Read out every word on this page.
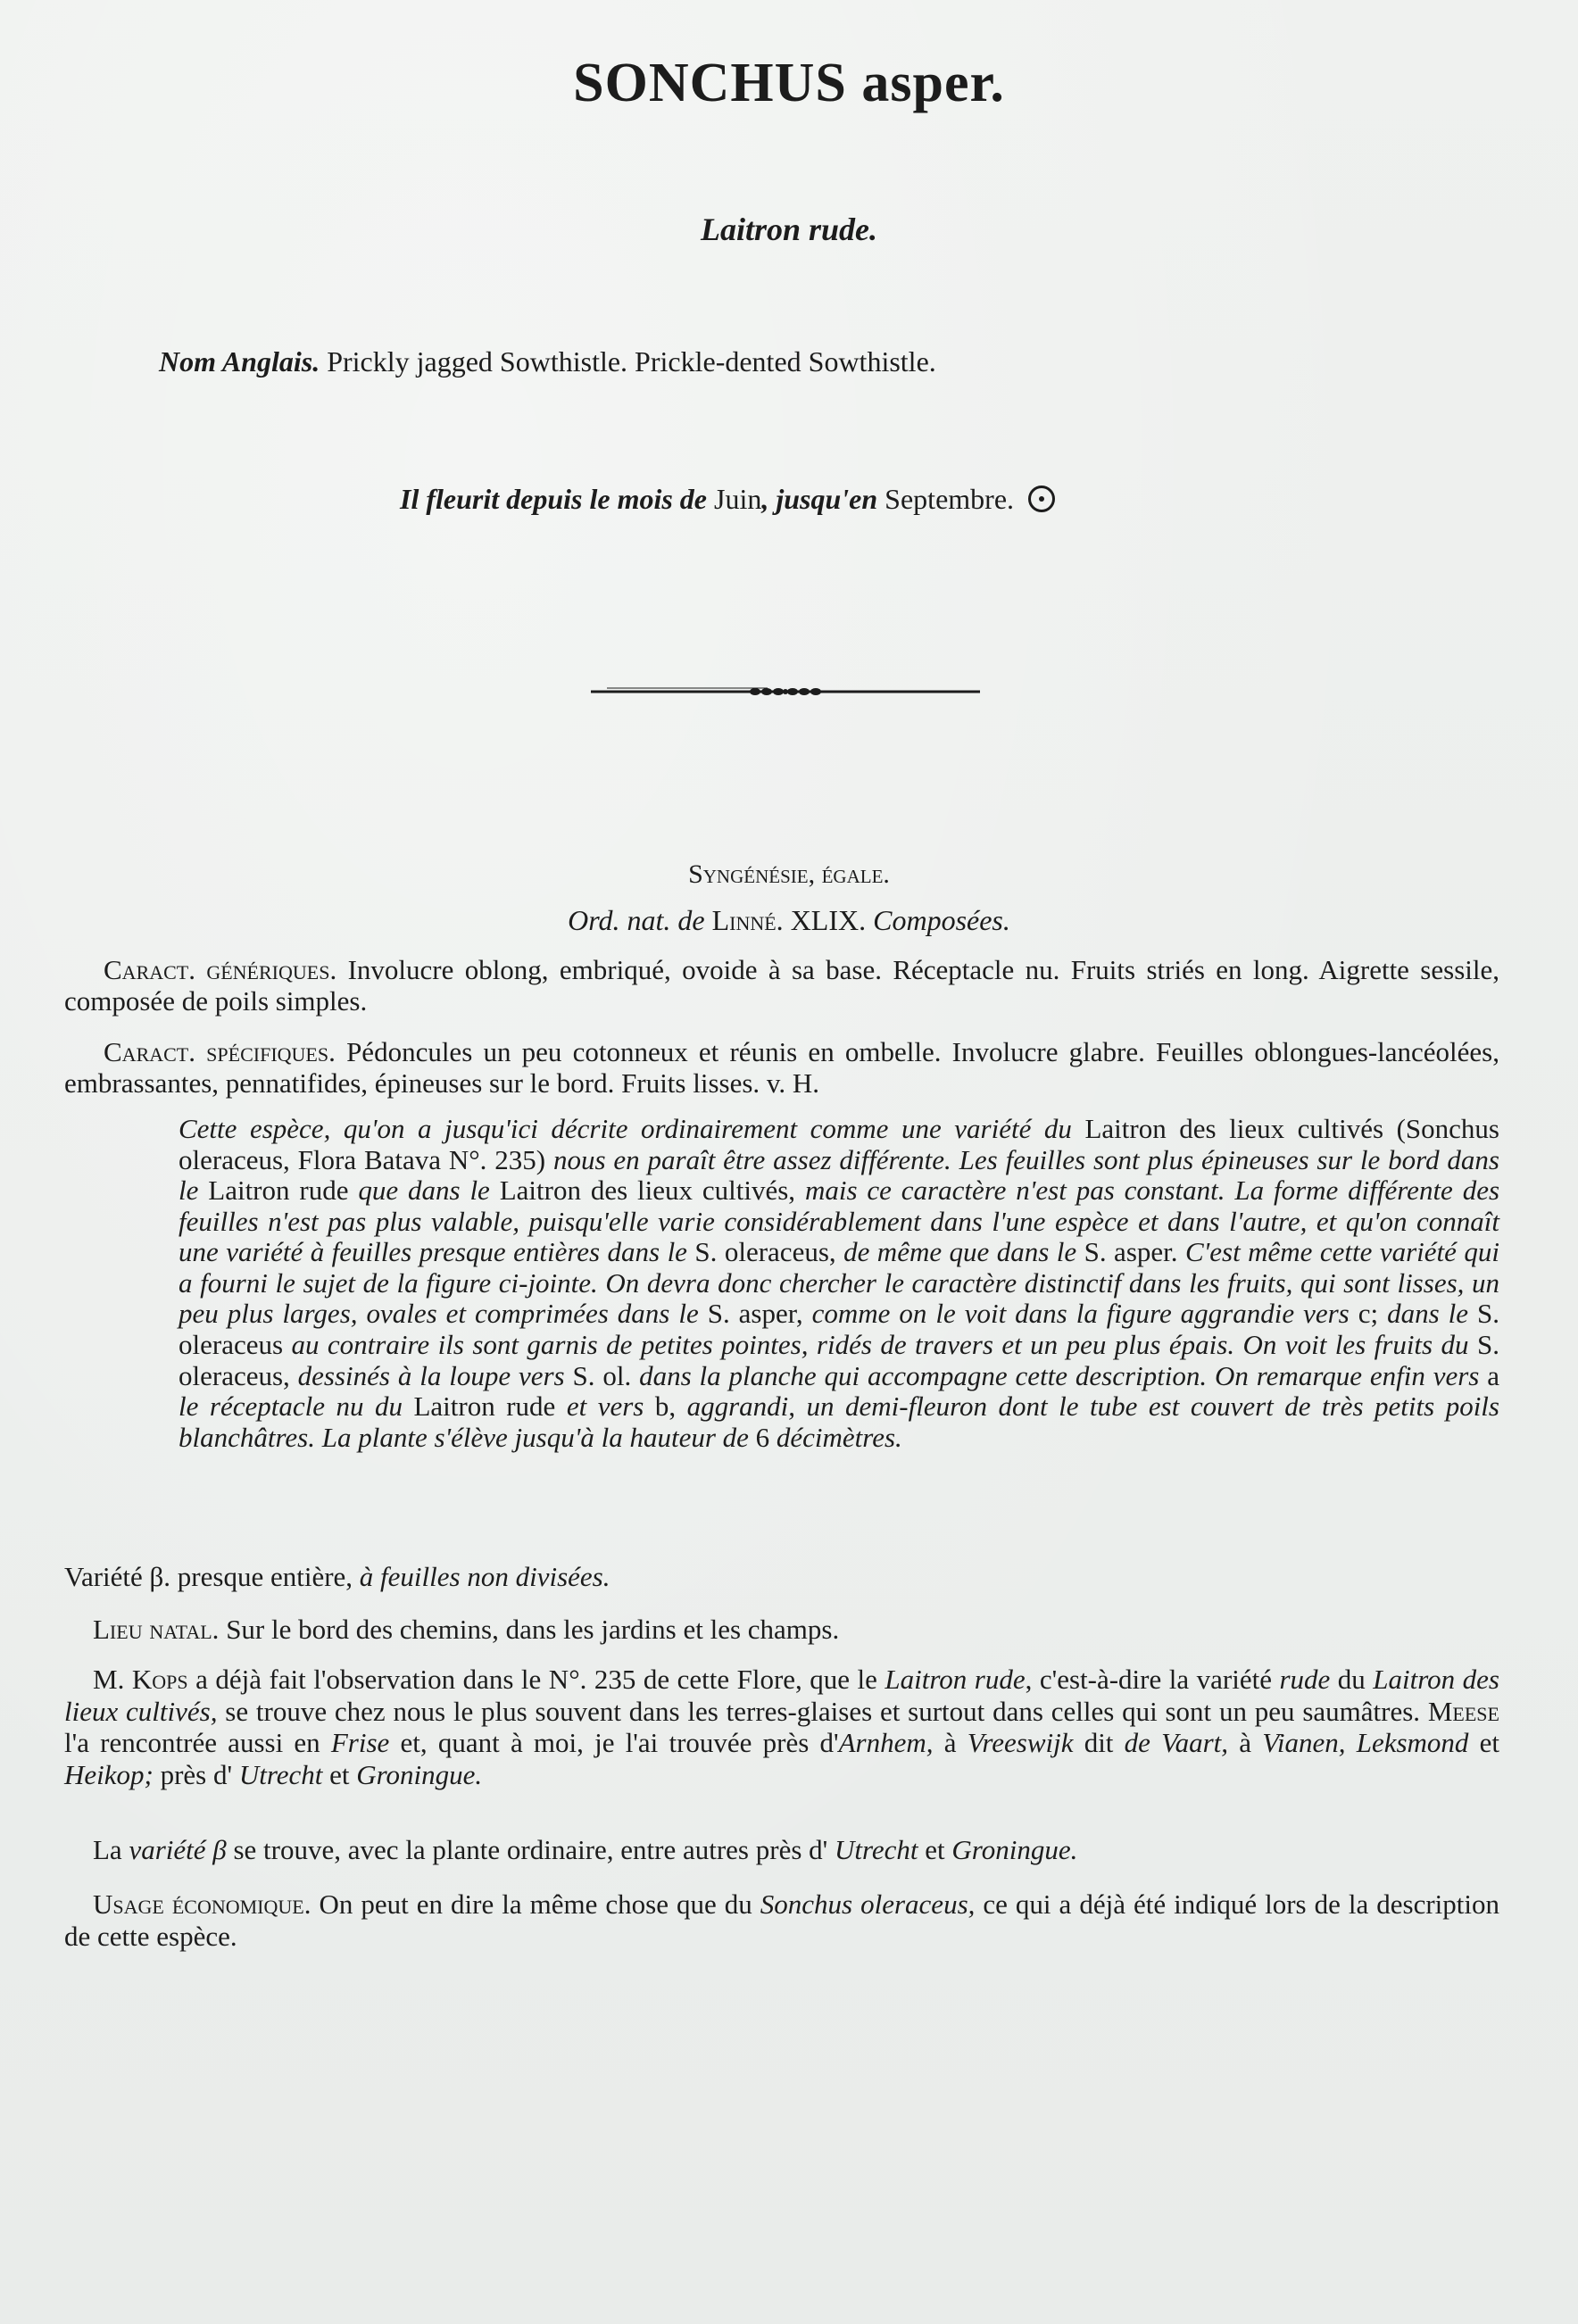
SONCHUS asper.
Laitron rude.
Nom Anglais. Prickly jagged Sowthistle. Prickle-dented Sowthistle.
Il fleurit depuis le mois de Juin, jusqu'en Septembre.
Syngénésie, égale.
Ord. nat. de Linné. XLIX. Composées.

Caract. génériques. Involucre oblong, embriqué, ovoide à sa base. Réceptacle nu. Fruits striés en long. Aigrette sessile, composée de poils simples.

Caract. spécifiques. Pédoncules un peu cotonneux et réunis en ombelle. Involucre glabre. Feuilles oblongues-lancéolées, embrassantes, pennatifides, épineuses sur le bord. Fruits lisses. v. H.

Cette espèce, qu'on a jusqu'ici décrite ordinairement comme une variété du Laitron des lieux cultivés (Sonchus oleraceus, Flora Batava N°. 235) nous en paraît être assez différente. Les feuilles sont plus épineuses sur le bord dans le Laitron rude que dans le Laitron des lieux cultivés, mais ce caractère n'est pas constant. La forme différente des feuilles n'est pas plus valable, puisqu'elle varie considérablement dans l'une espèce et dans l'autre, et qu'on connaît une variété à feuilles presque entières dans le S. oleraceus, de même que dans le S. asper. C'est même cette variété qui a fourni le sujet de la figure ci-jointe. On devra donc chercher le caractère distinctif dans les fruits, qui sont lisses, un peu plus larges, ovales et comprimées dans le S. asper, comme on le voit dans la figure aggrandie vers c; dans le S. oleraceus au contraire ils sont garnis de petites pointes, ridés de travers et un peu plus épais. On voit les fruits du S. oleraceus, dessinés à la loupe vers S. ol. dans la planche qui accompagne cette description. On remarque enfin vers a le réceptacle nu du Laitron rude et vers b, aggrandi, un demi-fleuron dont le tube est couvert de très petits poils blanchâtres. La plante s'élève jusqu'à la hauteur de 6 décimètres.

Variété β. presque entière, à feuilles non divisées.

Lieu natal. Sur le bord des chemins, dans les jardins et les champs.

M. Kops a déjà fait l'observation dans le N°. 235 de cette Flore, que le Laitron rude, c'est-à-dire la variété rude du Laitron des lieux cultivés, se trouve chez nous le plus souvent dans les terres-glaises et surtout dans celles qui sont un peu saumâtres. Meese l'a rencontrée aussi en Frise et, quant à moi, je l'ai trouvée près d'Arnhem, à Vreeswijk dit de Vaart, à Vianen, Leksmond et Heikop; près d' Utrecht et Groningue.

La variété β se trouve, avec la plante ordinaire, entre autres près d' Utrecht et Groningue.

Usage économique. On peut en dire la même chose que du Sonchus oleraceus, ce qui a déjà été indiqué lors de la description de cette espèce.
